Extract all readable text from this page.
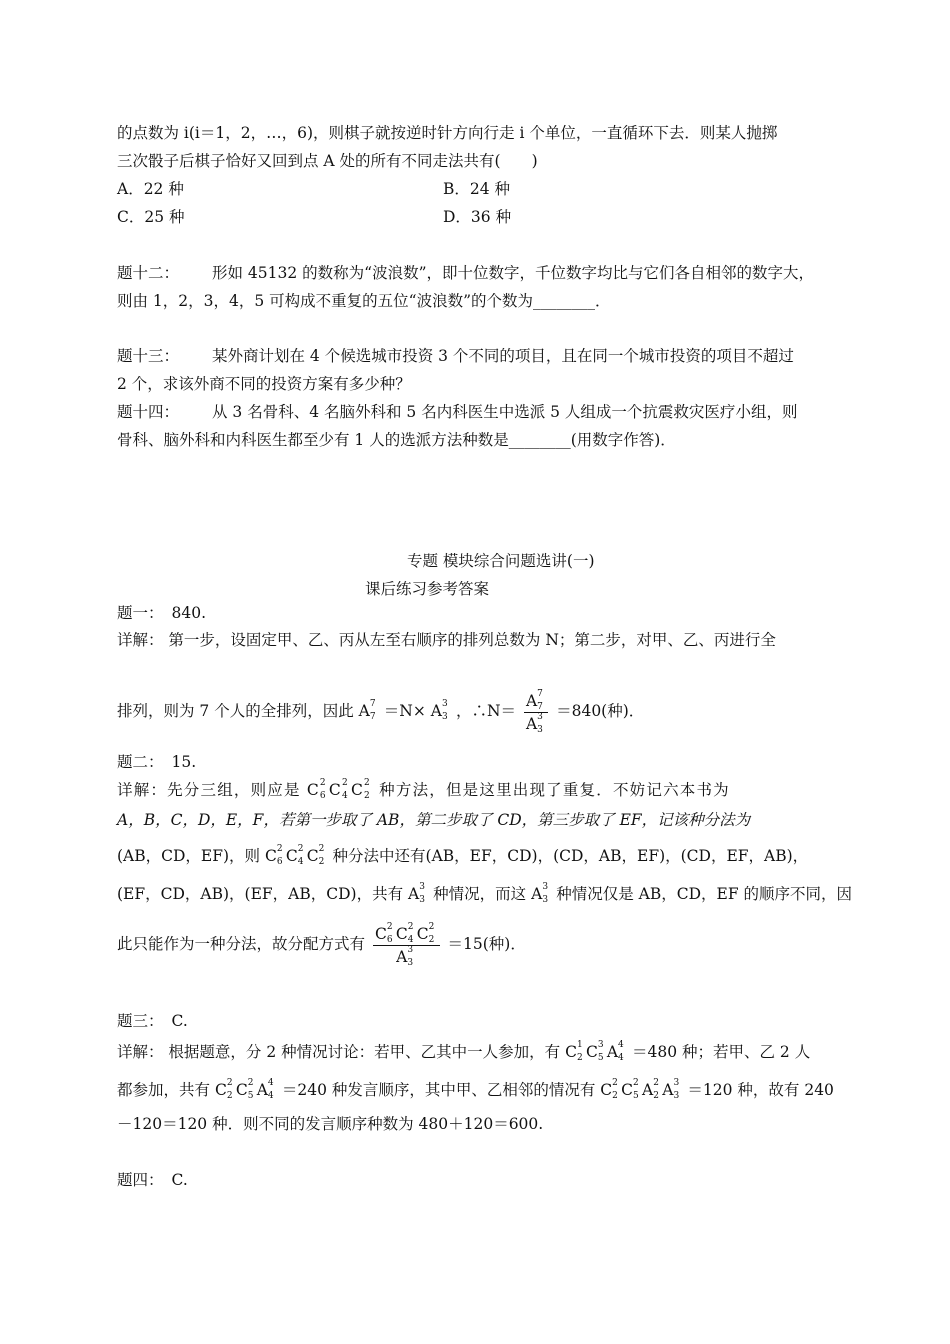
的点数为 i(i＝1，2，…，6)，则棋子就按逆时针方向行走 i 个单位，一直循环下去．则某人抛掷
三次骰子后棋子恰好又回到点 A 处的所有不同走法共有(　　)
A．22 种	B．24 种
C．25 种	D．36 种
题十二： 形如 45132 的数称为“波浪数”，即十位数字，千位数字均比与它们各自相邻的数字大，
则由 1，2，3，4，5 可构成不重复的五位“波浪数”的个数为________．
题十三： 某外商计划在 4 个候选城市投资 3 个不同的项目，且在同一个城市投资的项目不超过
2 个，求该外商不同的投资方案有多少种？
题十四： 从 3 名骨科、4 名脑外科和 5 名内科医生中选派 5 人组成一个抗震救灾医疗小组，则
骨科、脑外科和内科医生都至少有 1 人的选派方法种数是________(用数字作答)．
专题 模块综合问题选讲(一)
课后练习参考答案
题一： 840.
详解： 第一步，设固定甲、乙、丙从左至右顺序的排列总数为 N；第二步，对甲、乙、丙进行全
排列，则为 7 个人的全排列，因此 A 7
7 ＝N× A 3
3 ，∴N＝ A 7
7
A 3
3 ＝840(种)．
题二： 15.
详解：先分三组，则应是 C 2
6 C 2
4 C 2
2 种方法，但是这里出现了重复．不妨记六本书为
A，B，C，D，E，F，若第一步取了 AB，第二步取了 CD，第三步取了 EF，记该种分法为
(AB，CD，EF)，则 C 2
6 C 2
4 C 2
2 种分法中还有(AB，EF，CD)，(CD，AB，EF)，(CD，EF，AB)，
(EF，CD，AB)，(EF，AB，CD)，共有 A 3
3 种情况，而这 A 3
3 种情况仅是 AB，CD，EF 的顺序不同，因
此只能作为一种分法，故分配方式有 C 2
6 C 2
4 C 2
2
A 3
3 ＝15(种)．
题三： C.
详解： 根据题意，分 2 种情况讨论：若甲、乙其中一人参加，有 C 1
2 C 3
5 A 4
4 ＝480 种；若甲、乙 2 人
都参加，共有 C 2
2 C 2
5 A 4
4 ＝240 种发言顺序，其中甲、乙相邻的情况有 C 2
2 C 2
5 A 2
2 A 3
3 ＝120 种，故有 240
－120＝120 种．则不同的发言顺序种数为 480＋120＝600.
题四： C.
